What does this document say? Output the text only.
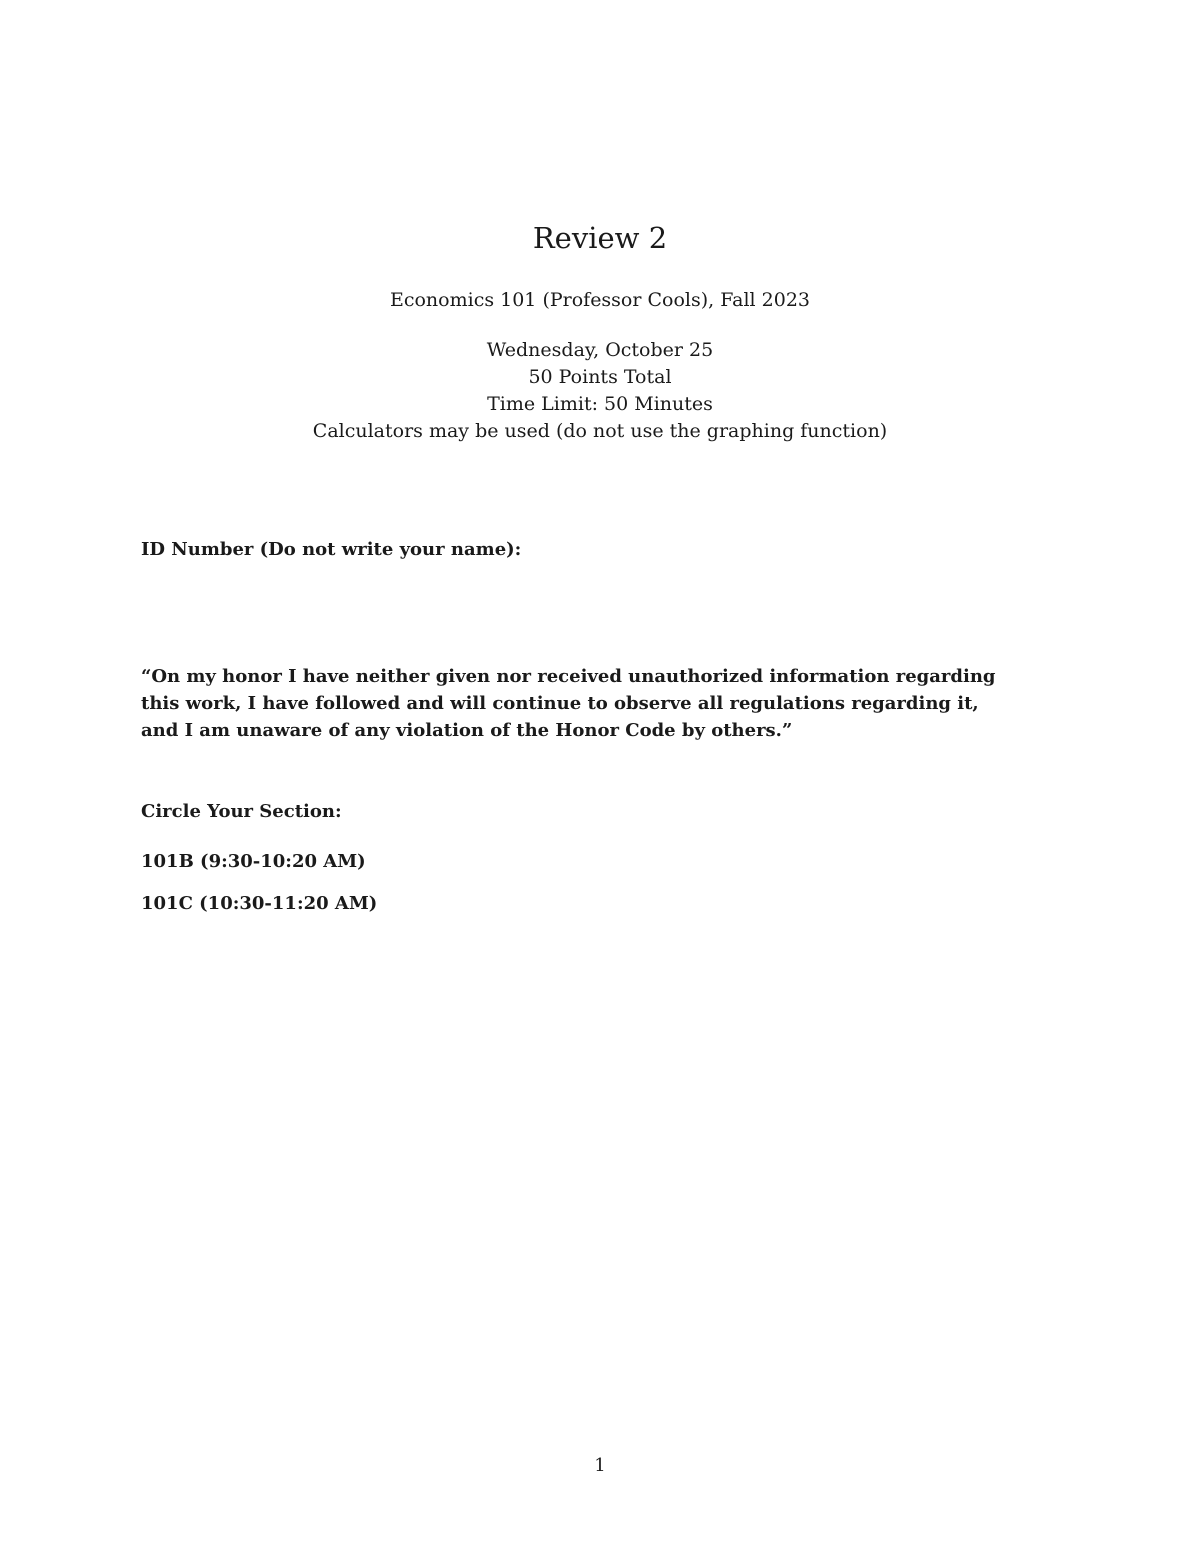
Review 2
Economics 101 (Professor Cools), Fall 2023
Wednesday, October 25
50 Points Total
Time Limit: 50 Minutes
Calculators may be used (do not use the graphing function)
ID Number (Do not write your name):
“On my honor I have neither given nor received unauthorized information regarding
this work, I have followed and will continue to observe all regulations regarding it,
and I am unaware of any violation of the Honor Code by others.”
Circle Your Section:
101B (9:30-10:20 AM)
101C (10:30-11:20 AM)
1
